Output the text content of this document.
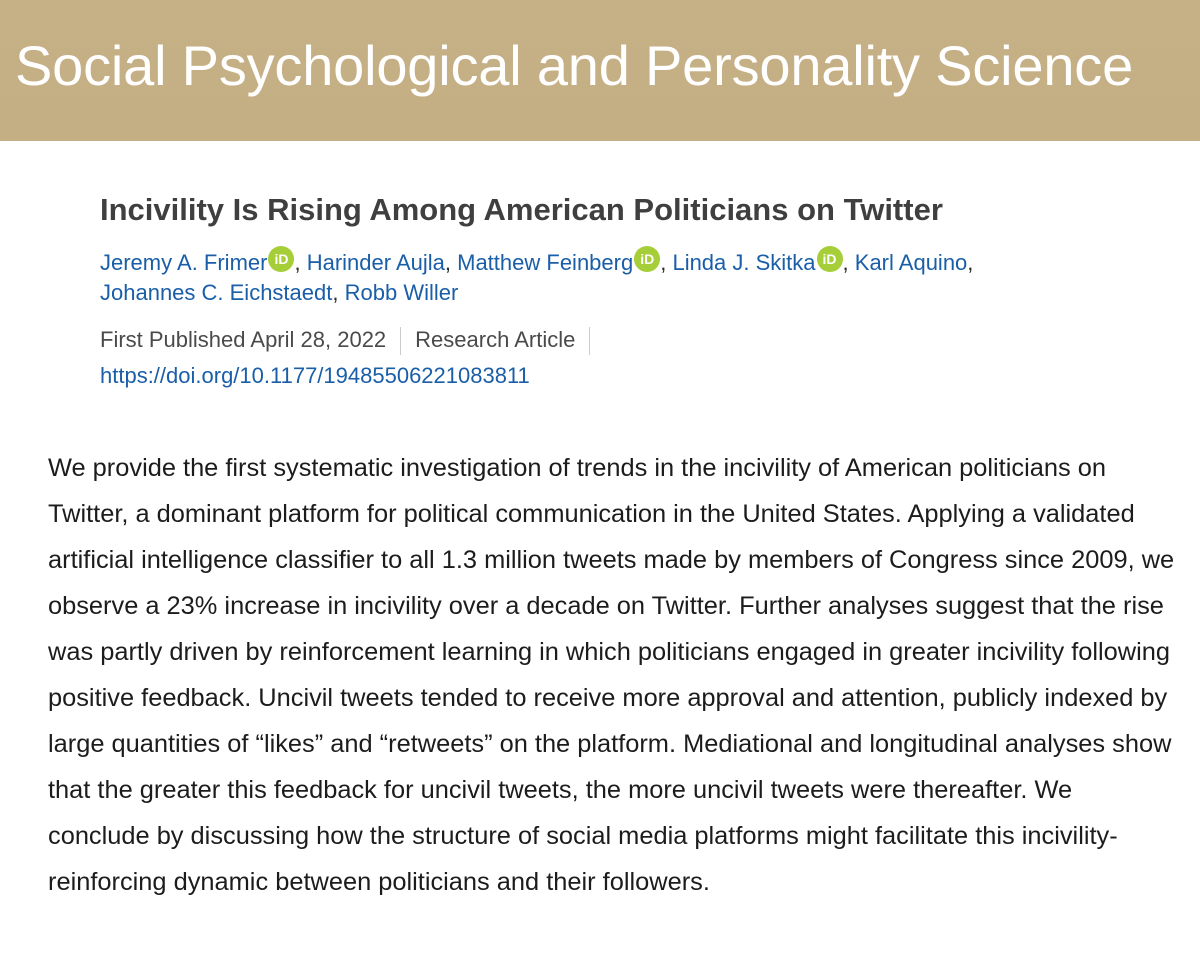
Social Psychological and Personality Science
Incivility Is Rising Among American Politicians on Twitter
Jeremy A. Frimer iD , Harinder Aujla, Matthew Feinberg iD , Linda J. Skitka iD , Karl Aquino,
Johannes C. Eichstaedt, Robb Willer
First Published April 28, 2022 Research Article
https://doi.org/10.1177/19485506221083811

We provide the first systematic investigation of trends in the incivility of American politicians on Twitter, a dominant platform for political communication in the United States. Applying a validated artificial intelligence classifier to all 1.3 million tweets made by members of Congress since 2009, we observe a 23% increase in incivility over a decade on Twitter. Further analyses suggest that the rise was partly driven by reinforcement learning in which politicians engaged in greater incivility following positive feedback. Uncivil tweets tended to receive more approval and attention, publicly indexed by large quantities of “likes” and “retweets” on the platform. Mediational and longitudinal analyses show that the greater this feedback for uncivil tweets, the more uncivil tweets were thereafter. We conclude by discussing how the structure of social media platforms might facilitate this incivility-reinforcing dynamic between politicians and their followers.
